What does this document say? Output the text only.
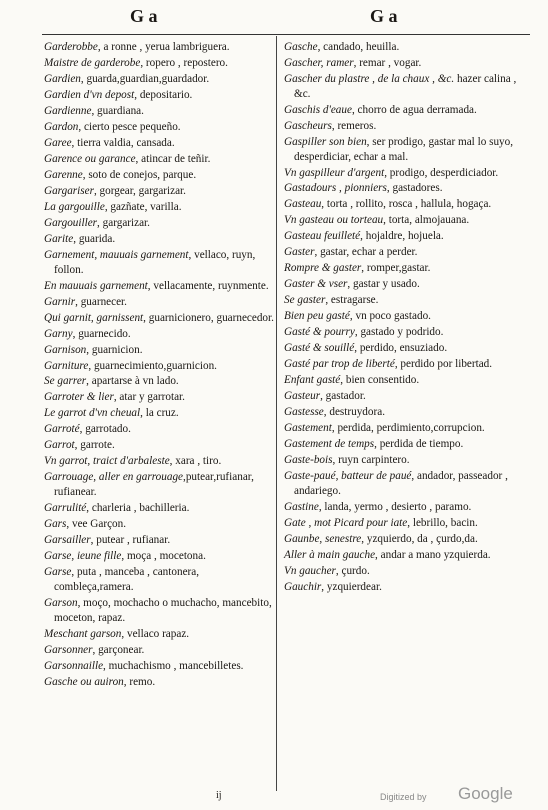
G a	G a
Garderobbe, a ronne , yerua lambriguera.
Maistre de garderobe, ropero , repostero.
Gardien, guarda,guardian,guardador.
Gardien d'vn depost, depositario.
Gardienne, guardiana.
Gardon, cierto pesce pequeño.
Garee, tierra valdia, cansada.
Garence ou garance, atincar de teñir.
Garenne, soto de conejos, parque.
Gargariser, gorgear, gargarizar.
La gargouille, gazñate, varilla.
Gargouiller, gargarizar.
Garite, guarida.
Garnement, mauuais garnement, vellaco, ruyn, follon.
En mauuais garnement, vellacamente, ruynmente.
Garnir, guarnecer.
Qui garnit, garnissent, guarnicionero, guarnecedor.
Garny, guarnecido.
Garnison, guarnicion.
Garniture, guarnecimiento,guarnicion.
Se garrer, apartarse à vn lado.
Garroter & lier, atar y garrotar.
Le garrot d'vn cheual, la cruz.
Garroté, garrotado.
Garrot, garrote.
Vn garrot, traict d'arbaleste, xara , tiro.
Garrouage, aller en garrouage,putear,rufianar, rufianear.
Garrulité, charleria , bachilleria.
Gars, vee Garçon.
Garsailler, putear , rufianar.
Garse, ieune fille, moça , mocetona.
Garse, puta , manceba , cantonera, combleça,ramera.
Garson, moço, mochacho o muchacho, mancebito, moceton, rapaz.
Meschant garson, vellaco rapaz.
Garsonner, garçonear.
Garsonnaille, muchachismo , mancebilletes.
Gasche ou auiron, remo.
Gasche, candado, heuilla.
Gascher, ramer, remar , vogar.
Gascher du plastre , de la chaux , &c. hazer calina , &c.
Gaschis d'eaue, chorro de agua derramada.
Gascheurs, remeros.
Gaspiller son bien, ser prodigo, gastar mal lo suyo, desperdiciar, echar a mal.
Vn gaspilleur d'argent, prodigo, desperdiciador.
Gastadours , pionniers, gastadores.
Gasteau, torta , rollito, rosca , hallula, hogaça.
Vn gasteau ou torteau, torta, almojauana.
Gasteau feuilleté, hojaldre, hojuela.
Gaster, gastar, echar a perder.
Rompre & gaster, romper,gastar.
Gaster & vser, gastar y usado.
Se gaster, estragarse.
Bien peu gasté, vn poco gastado.
Gasté & pourry, gastado y podrido.
Gasté & souillé, perdido, ensuziado.
Gasté par trop de liberté, perdido por libertad.
Enfant gasté, bien consentido.
Gasteur, gastador.
Gastesse, destruydora.
Gastement, perdida, perdimiento,corrupcion.
Gastement de temps, perdida de tiempo.
Gaste-bois, ruyn carpintero.
Gaste-paué, batteur de paué, andador, passeador , andariego.
Gastine, landa, yermo , desierto , paramo.
Gate , mot Picard pour iate, lebrillo, bacin.
Gaunbe, senestre, yzquierdo, da , çurdo,da.
Aller à main gauche, andar a mano yzquierda.
Vn gaucher, çurdo.
Gauchir, yzquierdear.
ij	Digitized by Google
